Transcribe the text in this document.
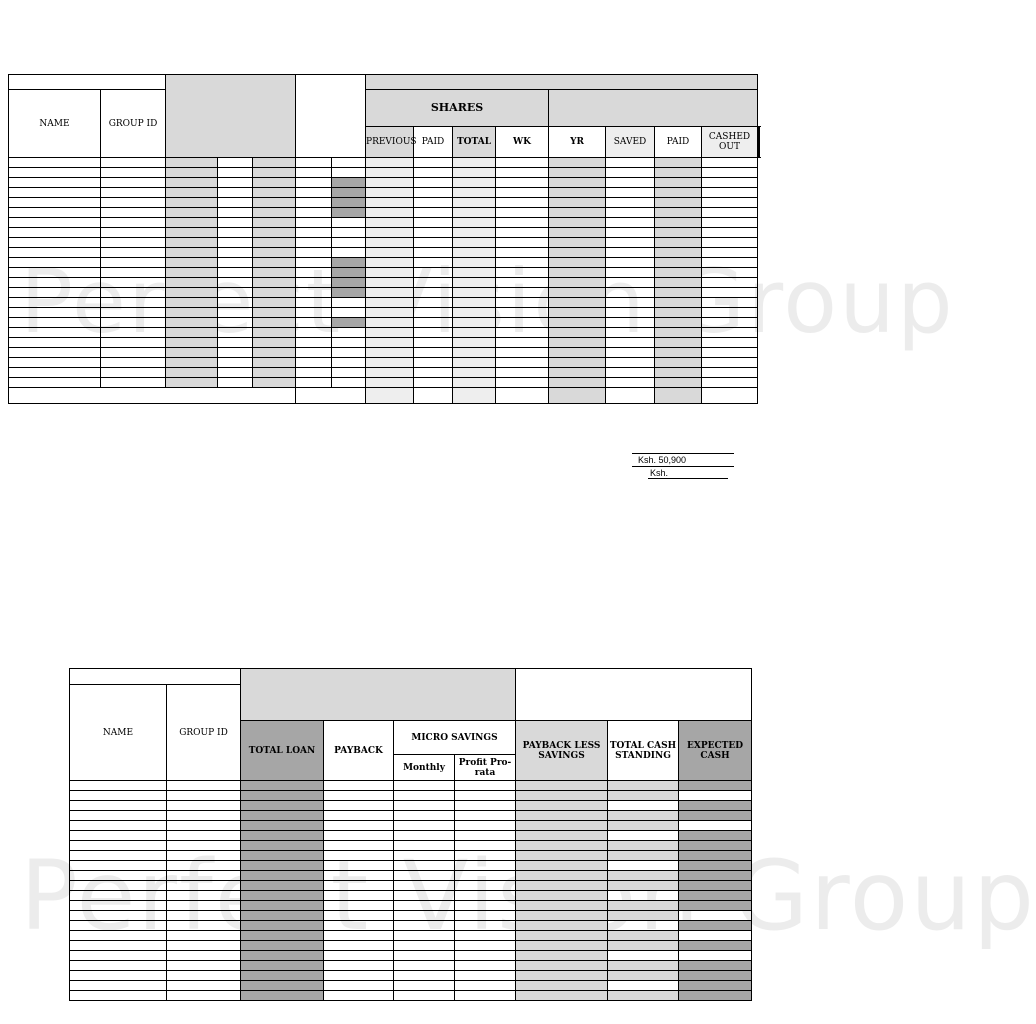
Vision Group
Perfect Group

NAME	GROUP ID						SHARES									
							PREVIOUS	PAID	TOTAL	WK	YR	SAVED	PAID	CASHED OUT					

Ksh. 50,900
Ksh.

NAME	GROUP ID							
		TOTAL LOAN	PAYBACK	MICRO SAVINGS		PAYBACK LESS SAVINGS	TOTAL CASH STANDING	EXPECTED CASH
				Monthly	Profit Pro-rata			
